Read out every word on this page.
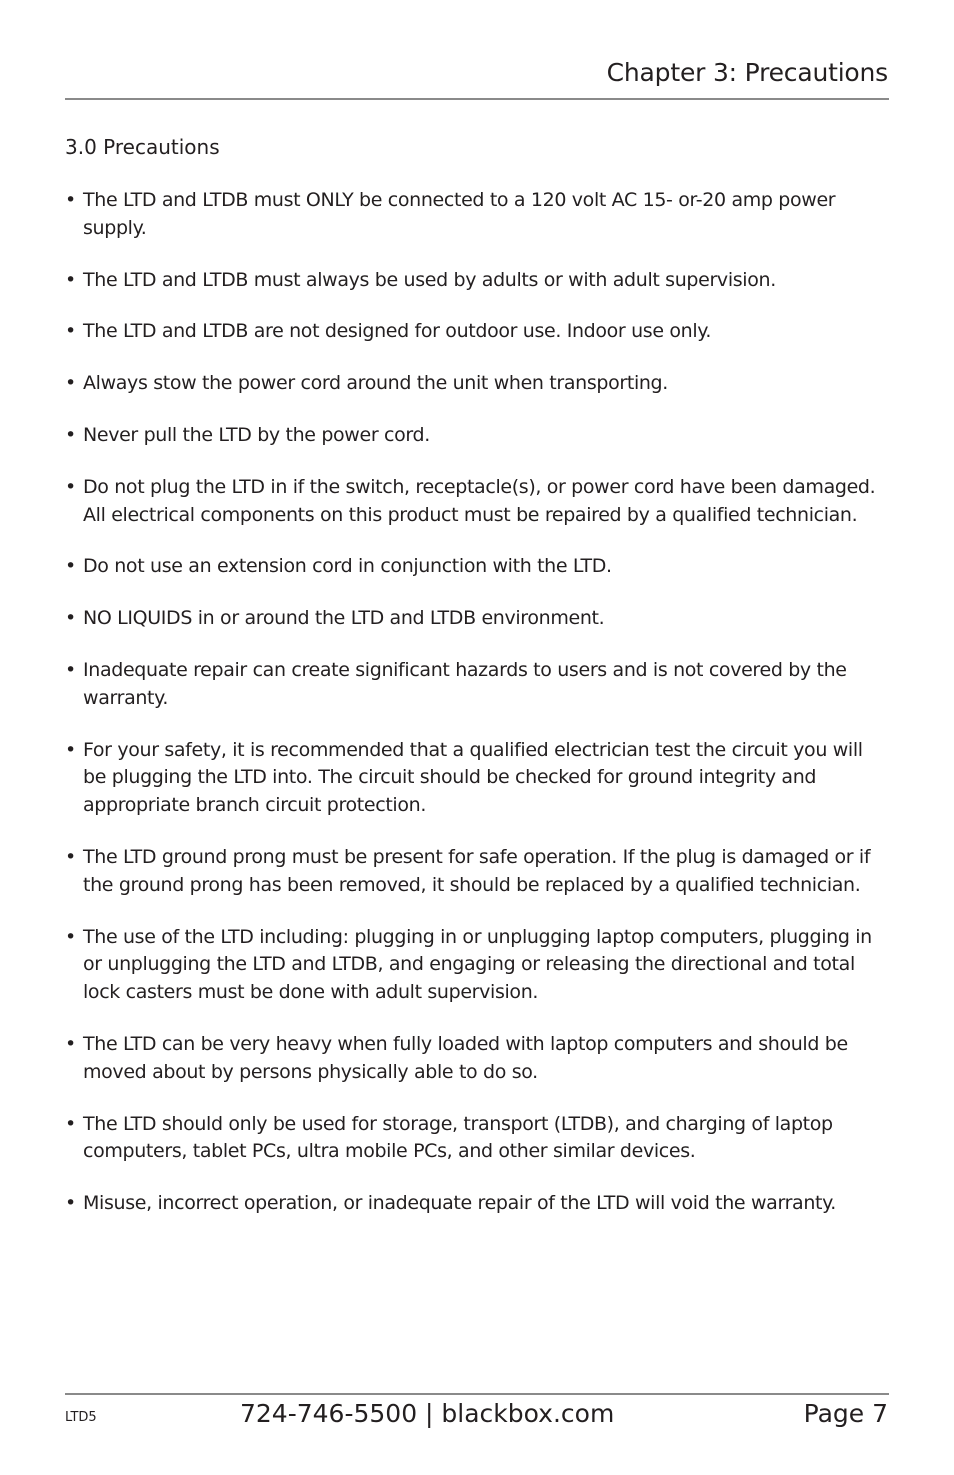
Chapter 3: Precautions
3.0 Precautions
• The LTD and LTDB must ONLY be connected to a 120 volt AC 15- or-20 amp power supply.
• The LTD and LTDB must always be used by adults or with adult supervision.
• The LTD and LTDB are not designed for outdoor use. Indoor use only.
• Always stow the power cord around the unit when transporting.
• Never pull the LTD by the power cord.
• Do not plug the LTD in if the switch, receptacle(s), or power cord have been damaged. All electrical components on this product must be repaired by a qualified technician.
• Do not use an extension cord in conjunction with the LTD.
• NO LIQUIDS in or around the LTD and LTDB environment.
• Inadequate repair can create significant hazards to users and is not covered by the warranty.
• For your safety, it is recommended that a qualified electrician test the circuit you will be plugging the LTD into. The circuit should be checked for ground integrity and appropriate branch circuit protection.
• The LTD ground prong must be present for safe operation. If the plug is damaged or if the ground prong has been removed, it should be replaced by a qualified technician.
• The use of the LTD including: plugging in or unplugging laptop computers, plugging in or unplugging the LTD and LTDB, and engaging or releasing the directional and total lock casters must be done with adult supervision.
• The LTD can be very heavy when fully loaded with laptop computers and should be moved about by persons physically able to do so.
• The LTD should only be used for storage, transport (LTDB), and charging of laptop computers, tablet PCs, ultra mobile PCs, and other similar devices.
• Misuse, incorrect operation, or inadequate repair of the LTD will void the warranty.
LTD5	724-746-5500 | blackbox.com	Page 7
